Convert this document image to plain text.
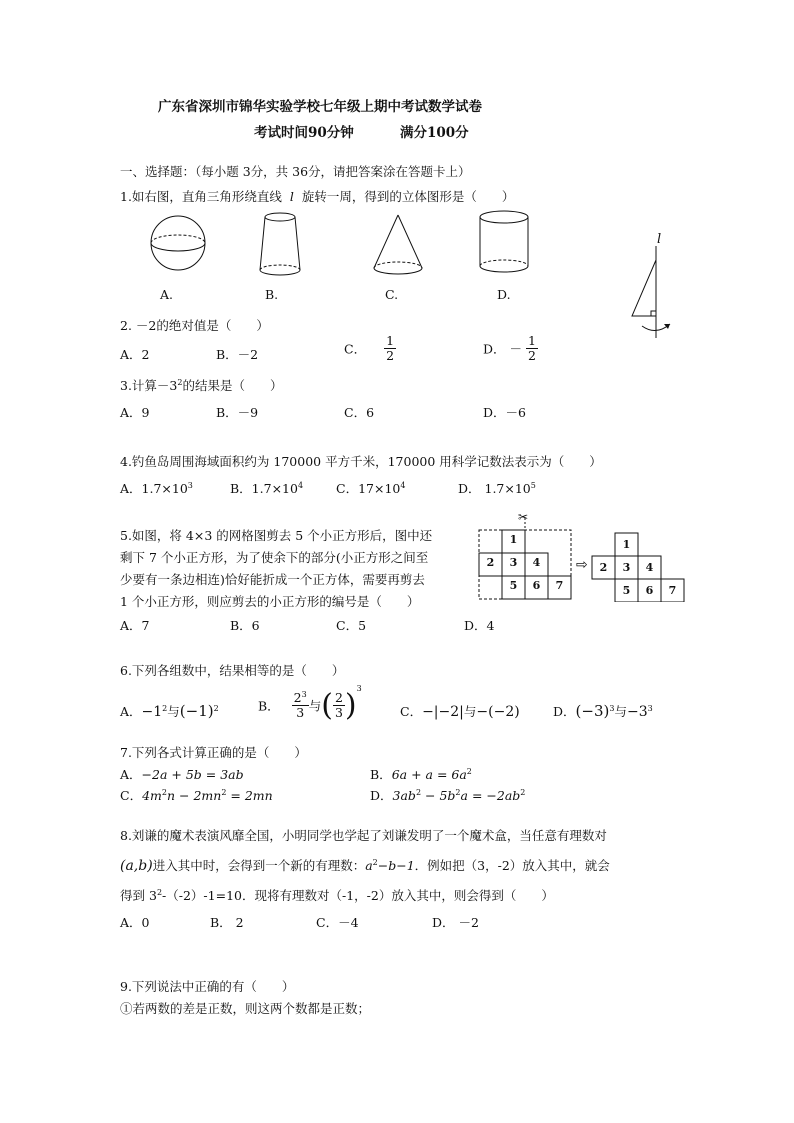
广东省深圳市锦华实验学校七年级上期中考试数学试卷
考试时间90分钟	满分100分
一、选择题：（每小题 3分，共 36分，请把答案涂在答题卡上）
1.如右图，直角三角形绕直线 l 旋转一周，得到的立体图形是（　　）
A.	B.	C.	D.
l
2. －2的绝对值是（　　）
A．2	B．－2	C． $\frac{1}{2}$	D． － $\frac{1}{2}$
3.计算$-3^2$的结果是（　　）
A．9	B．－9	C．6	D．－6
4.钓鱼岛周围海域面积约为 170000 平方千米，170000 用科学记数法表示为（　　）
A．$1.7\times 10^3$	B．$1.7\times 10^4$	C．$17\times 10^4$	D． $1.7\times 10^5$
5.如图，将 4×3 的网格图剪去 5 个小正方形后，图中还
剩下 7 个小正方形，为了使余下的部分(小正方形之间至
少要有一条边相连)恰好能折成一个正方体，需要再剪去
1 个小正方形，则应剪去的小正方形的编号是（　　）
✂
1
2	3	4
5	6	7
⇨
1
2	3	4
5	6	7
A．7	B．6	C．5	D．4
6.下列各组数中，结果相等的是（　　）
A．$-1^2$与$(-1)^2$	B． $\frac{2^3}{3}$ 与( $\frac{2}{3} )^3$
C．−|−2|与−(−2)	D．$(-3)^3$与$-3^3$
7.下列各式计算正确的是（　　）
A．−2a + 5b = 3ab	B．$6a + a = 6a^2$
C．$4m^2n - 2mn^2 = 2mn$	D．$3ab^2 - 5b^2a = -2ab^2$
8.刘谦的魔术表演风靡全国，小明同学也学起了刘谦发明了一个魔术盒，当任意有理数对
(a,b)进入其中时，会得到一个新的有理数：$a^2-b-1$．例如把（3，-2）放入其中，就会
得到 $3^2-(-2)-1=10$．现将有理数对（-1，-2）放入其中，则会得到（　　）
A．0	B． 2	C．－4	D． －2
9.下列说法中正确的有（　　）
①若两数的差是正数，则这两个数都是正数；
